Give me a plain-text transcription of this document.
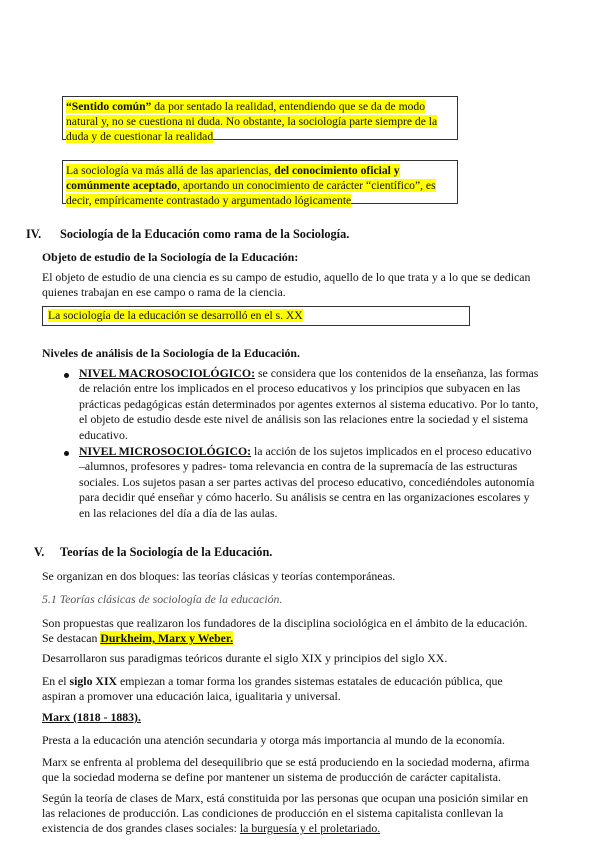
“Sentido común” da por sentado la realidad, entendiendo que se da de modo
natural y, no se cuestiona ni duda. No obstante, la sociología parte siempre de la
duda y de cuestionar la realidad
La sociología va más allá de las apariencias, del conocimiento oficial y
comúnmente aceptado, aportando un conocimiento de carácter “científico”, es
decir, empíricamente contrastado y argumentado lógicamente
IV. Sociología de la Educación como rama de la Sociología.
Objeto de estudio de la Sociología de la Educación:
El objeto de estudio de una ciencia es su campo de estudio, aquello de lo que trata y a lo que se dedican
quienes trabajan en ese campo o rama de la ciencia.
La sociología de la educación se desarrolló en el s. XX
Niveles de análisis de la Sociología de la Educación.
NIVEL MACROSOCIOLÓGICO: se considera que los contenidos de la enseñanza, las formas
de relación entre los implicados en el proceso educativos y los principios que subyacen en las
prácticas pedagógicas están determinados por agentes externos al sistema educativo. Por lo tanto,
el objeto de estudio desde este nivel de análisis son las relaciones entre la sociedad y el sistema
educativo.
NIVEL MICROSOCIOLÓGICO: la acción de los sujetos implicados en el proceso educativo
–alumnos, profesores y padres- toma relevancia en contra de la supremacía de las estructuras
sociales. Los sujetos pasan a ser partes activas del proceso educativo, concediéndoles autonomía
para decidir qué enseñar y cómo hacerlo. Su análisis se centra en las organizaciones escolares y
en las relaciones del día a día de las aulas.
V. Teorías de la Sociología de la Educación.
Se organizan en dos bloques: las teorías clásicas y teorías contemporáneas.
5.1 Teorías clásicas de sociología de la educación.
Son propuestas que realizaron los fundadores de la disciplina sociológica en el ámbito de la educación.
Se destacan Durkheim, Marx y Weber.
Desarrollaron sus paradigmas teóricos durante el siglo XIX y principios del siglo XX.
En el siglo XIX empiezan a tomar forma los grandes sistemas estatales de educación pública, que
aspiran a promover una educación laica, igualitaria y universal.
Marx (1818 - 1883).
Presta a la educación una atención secundaria y otorga más importancia al mundo de la economía.
Marx se enfrenta al problema del desequilibrio que se está produciendo en la sociedad moderna, afirma
que la sociedad moderna se define por mantener un sistema de producción de carácter capitalista.
Según la teoría de clases de Marx, está constituida por las personas que ocupan una posición similar en
las relaciones de producción. Las condiciones de producción en el sistema capitalista conllevan la
existencia de dos grandes clases sociales: la burguesía y el proletariado.
